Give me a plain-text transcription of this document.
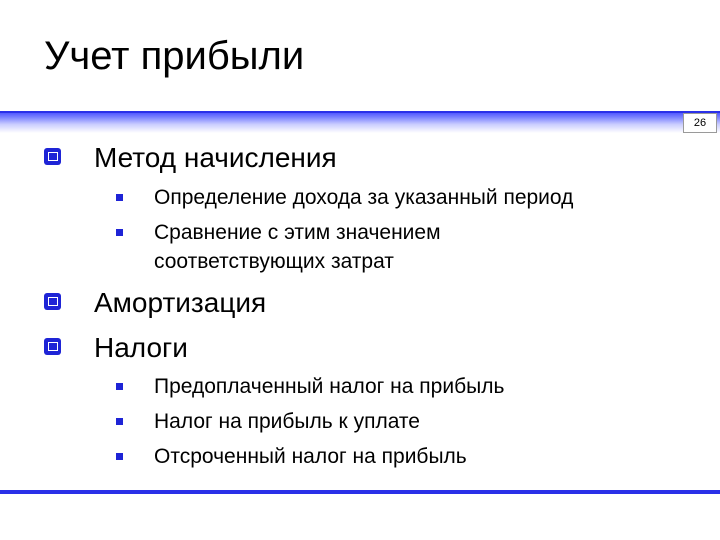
Учет прибыли
26
Метод начисления
Определение дохода за указанный период
Сравнение с этим значением
соответствующих затрат
Амортизация
Налоги
Предоплаченный налог на прибыль
Налог на прибыль к уплате
Отсроченный налог на прибыль
